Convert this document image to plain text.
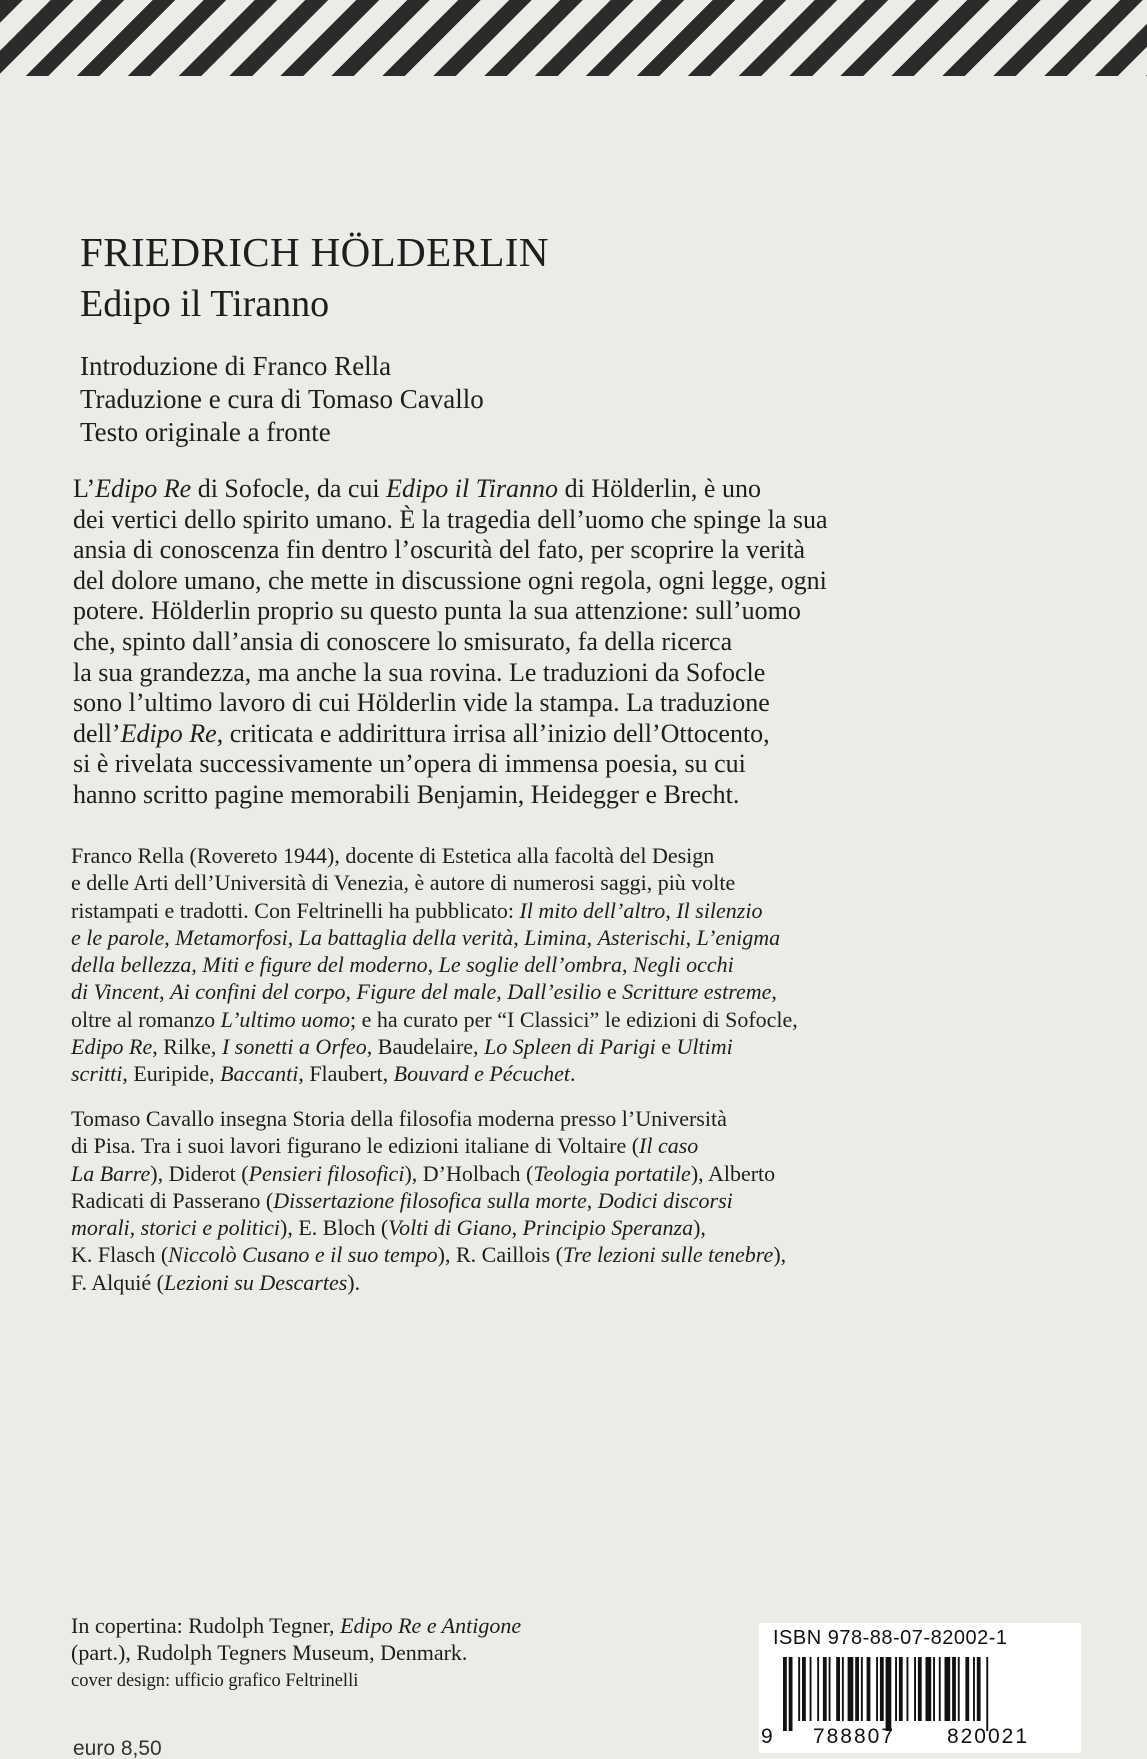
FRIEDRICH HÖLDERLIN
Edipo il Tiranno
Introduzione di Franco Rella
Traduzione e cura di Tomaso Cavallo
Testo originale a fronte
L’Edipo Re di Sofocle, da cui Edipo il Tiranno di Hölderlin, è uno
dei vertici dello spirito umano. È la tragedia dell’uomo che spinge la sua
ansia di conoscenza fin dentro l’oscurità del fato, per scoprire la verità
del dolore umano, che mette in discussione ogni regola, ogni legge, ogni
potere. Hölderlin proprio su questo punta la sua attenzione: sull’uomo
che, spinto dall’ansia di conoscere lo smisurato, fa della ricerca
la sua grandezza, ma anche la sua rovina. Le traduzioni da Sofocle
sono l’ultimo lavoro di cui Hölderlin vide la stampa. La traduzione
dell’Edipo Re, criticata e addirittura irrisa all’inizio dell’Ottocento,
si è rivelata successivamente un’opera di immensa poesia, su cui
hanno scritto pagine memorabili Benjamin, Heidegger e Brecht.
Franco Rella (Rovereto 1944), docente di Estetica alla facoltà del Design
e delle Arti dell’Università di Venezia, è autore di numerosi saggi, più volte
ristampati e tradotti. Con Feltrinelli ha pubblicato: Il mito dell’altro, Il silenzio
e le parole, Metamorfosi, La battaglia della verità, Limina, Asterischi, L’enigma
della bellezza, Miti e figure del moderno, Le soglie dell’ombra, Negli occhi
di Vincent, Ai confini del corpo, Figure del male, Dall’esilio e Scritture estreme,
oltre al romanzo L’ultimo uomo; e ha curato per “I Classici” le edizioni di Sofocle,
Edipo Re, Rilke, I sonetti a Orfeo, Baudelaire, Lo Spleen di Parigi e Ultimi
scritti, Euripide, Baccanti, Flaubert, Bouvard e Pécuchet.
Tomaso Cavallo insegna Storia della filosofia moderna presso l’Università
di Pisa. Tra i suoi lavori figurano le edizioni italiane di Voltaire (Il caso
La Barre), Diderot (Pensieri filosofici), D’Holbach (Teologia portatile), Alberto
Radicati di Passerano (Dissertazione filosofica sulla morte, Dodici discorsi
morali, storici e politici), E. Bloch (Volti di Giano, Principio Speranza),
K. Flasch (Niccolò Cusano e il suo tempo), R. Caillois (Tre lezioni sulle tenebre),
F. Alquié (Lezioni su Descartes).
In copertina: Rudolph Tegner, Edipo Re e Antigone
(part.), Rudolph Tegners Museum, Denmark.
cover design: ufficio grafico Feltrinelli
euro 8,50
ISBN 978-88-07-82002-1
9	788807	820021
